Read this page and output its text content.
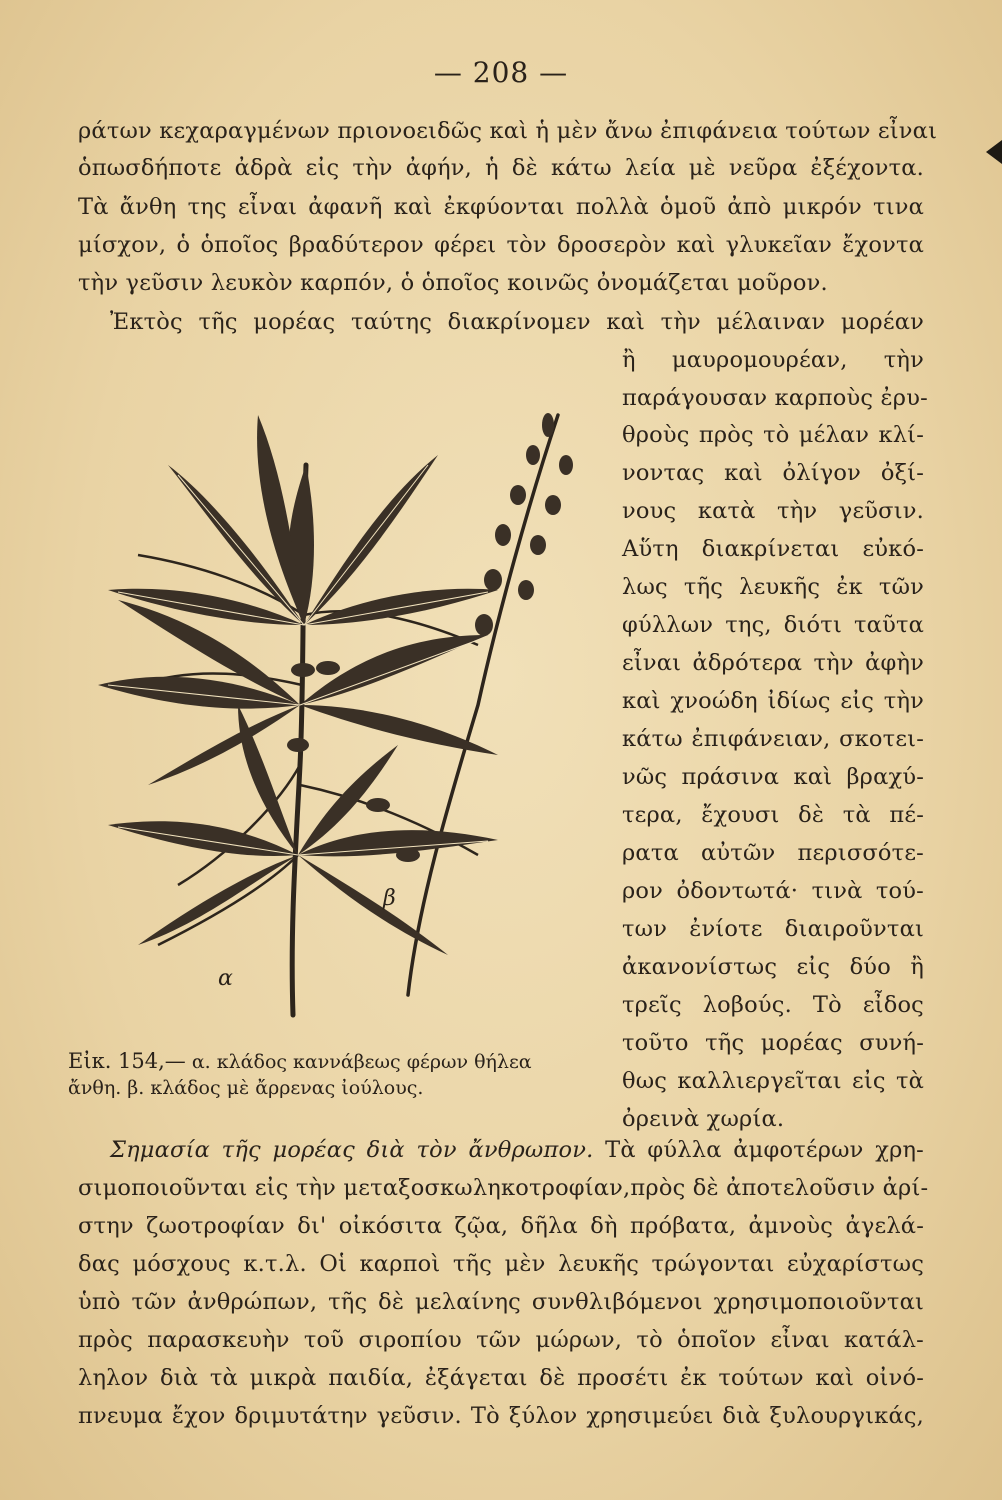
— 208 —
ράτων κεχαραγμένων πριονοειδῶς καὶ ἡ μὲν ἄνω ἐπιφάνεια τούτων εἶναι
ὁπωσδήποτε ἀδρὰ εἰς τὴν ἀφήν, ἡ δὲ κάτω λεία μὲ νεῦρα ἐξέχοντα.
Τὰ ἄνθη της εἶναι ἀφανῆ καὶ ἐκφύονται πολλὰ ὁμοῦ ἀπὸ μικρόν τινα
μίσχον, ὁ ὁποῖος βραδύτερον φέρει τὸν δροσερὸν καὶ γλυκεῖαν ἔχοντα
τὴν γεῦσιν λευκὸν καρπόν, ὁ ὁποῖος κοινῶς ὀνομάζεται μοῦρον.
Ἐκτὸς τῆς μορέας ταύτης διακρίνομεν καὶ τὴν μέλαιναν μορέαν
ἢ μαυρομουρέαν, τὴν
παράγουσαν καρποὺς ἐρυ-
θροὺς πρὸς τὸ μέλαν κλί-
νοντας καὶ ὀλίγον ὀξί-
νους κατὰ τὴν γεῦσιν.
Αὕτη διακρίνεται εὐκό-
λως τῆς λευκῆς ἐκ τῶν
φύλλων της, διότι ταῦτα
εἶναι ἀδρότερα τὴν ἀφὴν
καὶ χνοώδη ἰδίως εἰς τὴν
κάτω ἐπιφάνειαν, σκοτει-
νῶς πράσινα καὶ βραχύ-
τερα, ἔχουσι δὲ τὰ πέ-
ρατα αὐτῶν περισσότε-
ρον ὀδοντωτά· τινὰ τού-
των ἐνίοτε διαιροῦνται
ἀκανονίστως εἰς δύο ἢ
τρεῖς λοβούς. Τὸ εἶδος
τοῦτο τῆς μορέας συνή-
θως καλλιεργεῖται εἰς τὰ
ὀρεινὰ χωρία.
α
β
Εἰκ. 154,— α. κλάδος καννάβεως φέρων θήλεα
ἄνθη. β. κλάδος μὲ ἄρρενας ἰούλους.
Σημασία τῆς μορέας διὰ τὸν ἄνθρωπον. Τὰ φύλλα ἀμφοτέρων χρη-
σιμοποιοῦνται εἰς τὴν μεταξοσκωληκοτροφίαν,πρὸς δὲ ἀποτελοῦσιν ἀρί-
στην ζωοτροφίαν δι' οἰκόσιτα ζῷα, δῆλα δὴ πρόβατα, ἀμνοὺς ἀγελά-
δας μόσχους κ.τ.λ. Οἱ καρποὶ τῆς μὲν λευκῆς τρώγονται εὐχαρίστως
ὑπὸ τῶν ἀνθρώπων, τῆς δὲ μελαίνης συνθλιβόμενοι χρησιμοποιοῦνται
πρὸς παρασκευὴν τοῦ σιροπίου τῶν μώρων, τὸ ὁποῖον εἶναι κατάλ-
ληλον διὰ τὰ μικρὰ παιδία, ἐξάγεται δὲ προσέτι ἐκ τούτων καὶ οἰνό-
πνευμα ἔχον δριμυτάτην γεῦσιν. Τὸ ξύλον χρησιμεύει διὰ ξυλουργικάς,
